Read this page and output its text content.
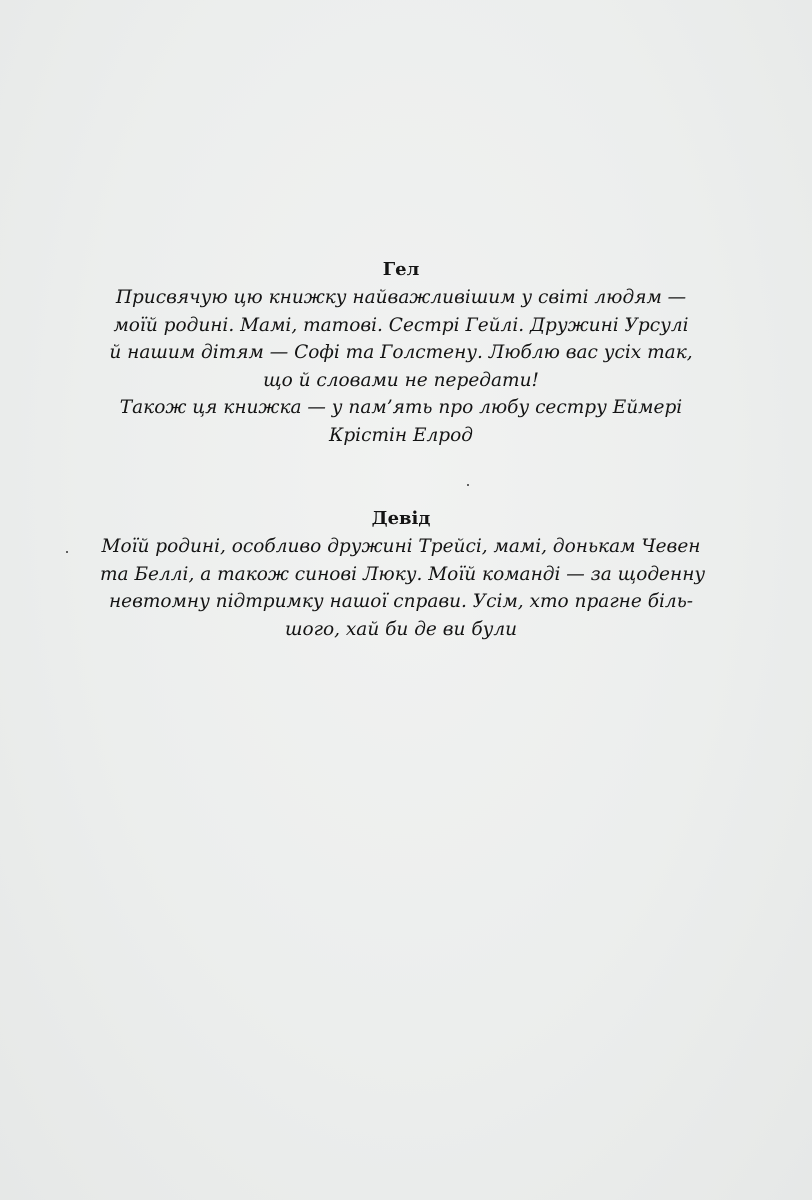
Гел

Присвячую цю книжку найважливішим у світі людям —

моїй родині. Мамі, татові. Сестрі Гейлі. Дружині Урсулі

й нашим дітям — Софі та Голстену. Люблю вас усіх так,

що й словами не передати!

Також ця книжка — у пам’ять про любу сестру Еймері

Крістін Елрод

Девід

Моїй родині, особливо дружині Трейсі, мамі, донькам Чевен

та Беллі, а також синові Люку. Моїй команді — за щоденну

невтомну підтримку нашої справи. Усім, хто прагне біль-

шого, хай би де ви були
